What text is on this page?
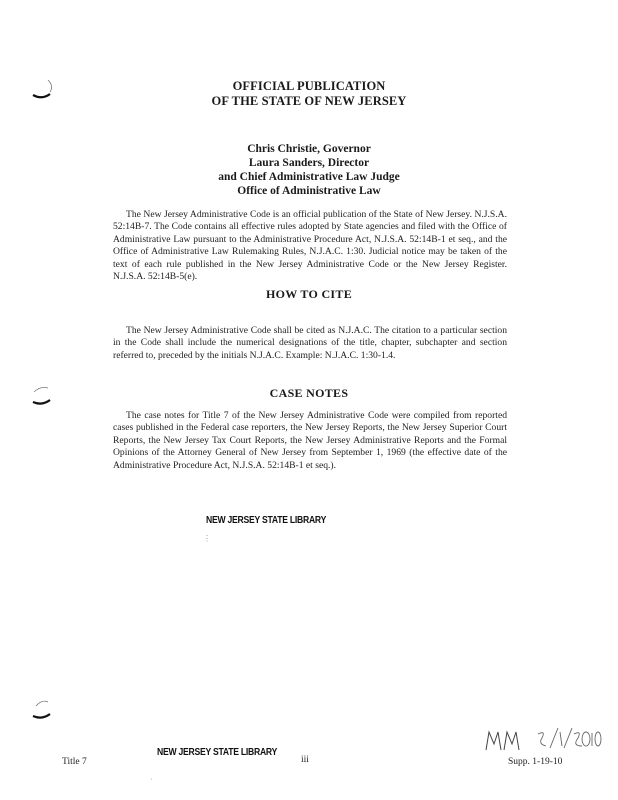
OFFICIAL PUBLICATION
OF THE STATE OF NEW JERSEY
Chris Christie, Governor
Laura Sanders, Director
and Chief Administrative Law Judge
Office of Administrative Law
The New Jersey Administrative Code is an official publication of the State of New Jersey. N.J.S.A. 52:14B-7. The Code contains all effective rules adopted by State agencies and filed with the Office of Administrative Law pursuant to the Administrative Procedure Act, N.J.S.A. 52:14B-1 et seq., and the Office of Administrative Law Rulemaking Rules, N.J.A.C. 1:30. Judicial notice may be taken of the text of each rule published in the New Jersey Administrative Code or the New Jersey Register. N.J.S.A. 52:14B-5(e).
HOW TO CITE
The New Jersey Administrative Code shall be cited as N.J.A.C. The citation to a particular section in the Code shall include the numerical designations of the title, chapter, subchapter and section referred to, preceded by the initials N.J.A.C. Example: N.J.A.C. 1:30-1.4.
CASE NOTES
The case notes for Title 7 of the New Jersey Administrative Code were compiled from reported cases published in the Federal case reporters, the New Jersey Reports, the New Jersey Superior Court Reports, the New Jersey Tax Court Reports, the New Jersey Administrative Reports and the Formal Opinions of the Attorney General of New Jersey from September 1, 1969 (the effective date of the Administrative Procedure Act, N.J.S.A. 52:14B-1 et seq.).
NEW JERSEY STATE LIBRARY
⋮
Title 7
NEW JERSEY STATE LIBRARY
iii	Supp. 1-19-10
·
